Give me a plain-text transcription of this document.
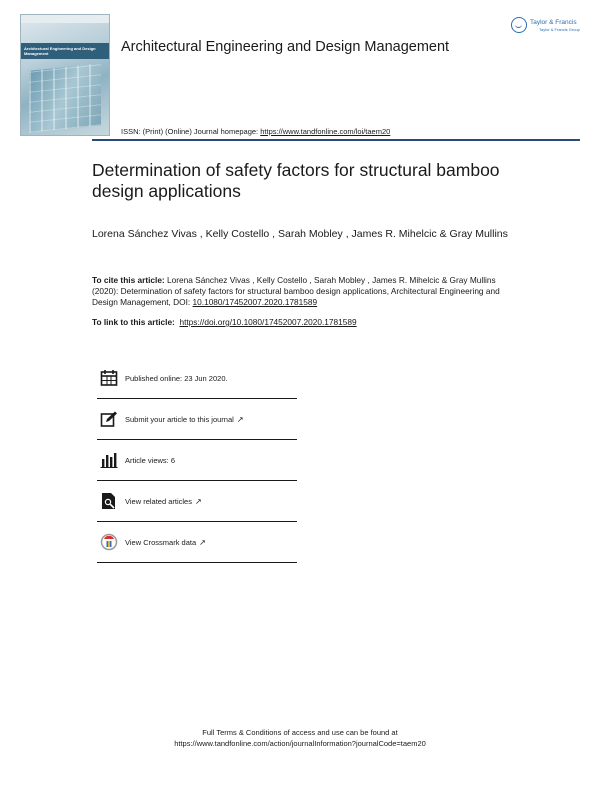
Architectural Engineering and Design Management	Architectural Engineering and Design Management
ISSN: (Print) (Online) Journal homepage: https://www.tandfonline.com/loi/taem20
Taylor & Francis
Taylor & Francis Group
Determination of safety factors for structural bamboo design applications
Lorena Sánchez Vivas , Kelly Costello , Sarah Mobley , James R. Mihelcic & Gray Mullins
To cite this article: Lorena Sánchez Vivas , Kelly Costello , Sarah Mobley , James R. Mihelcic & Gray Mullins (2020): Determination of safety factors for structural bamboo design applications, Architectural Engineering and Design Management, DOI: 10.1080/17452007.2020.1781589
To link to this article: https://doi.org/10.1080/17452007.2020.1781589
Published online: 23 Jun 2020.
Submit your article to this journal ↗
Article views: 6
View related articles ↗
View Crossmark data ↗
Full Terms & Conditions of access and use can be found at
https://www.tandfonline.com/action/journalInformation?journalCode=taem20
